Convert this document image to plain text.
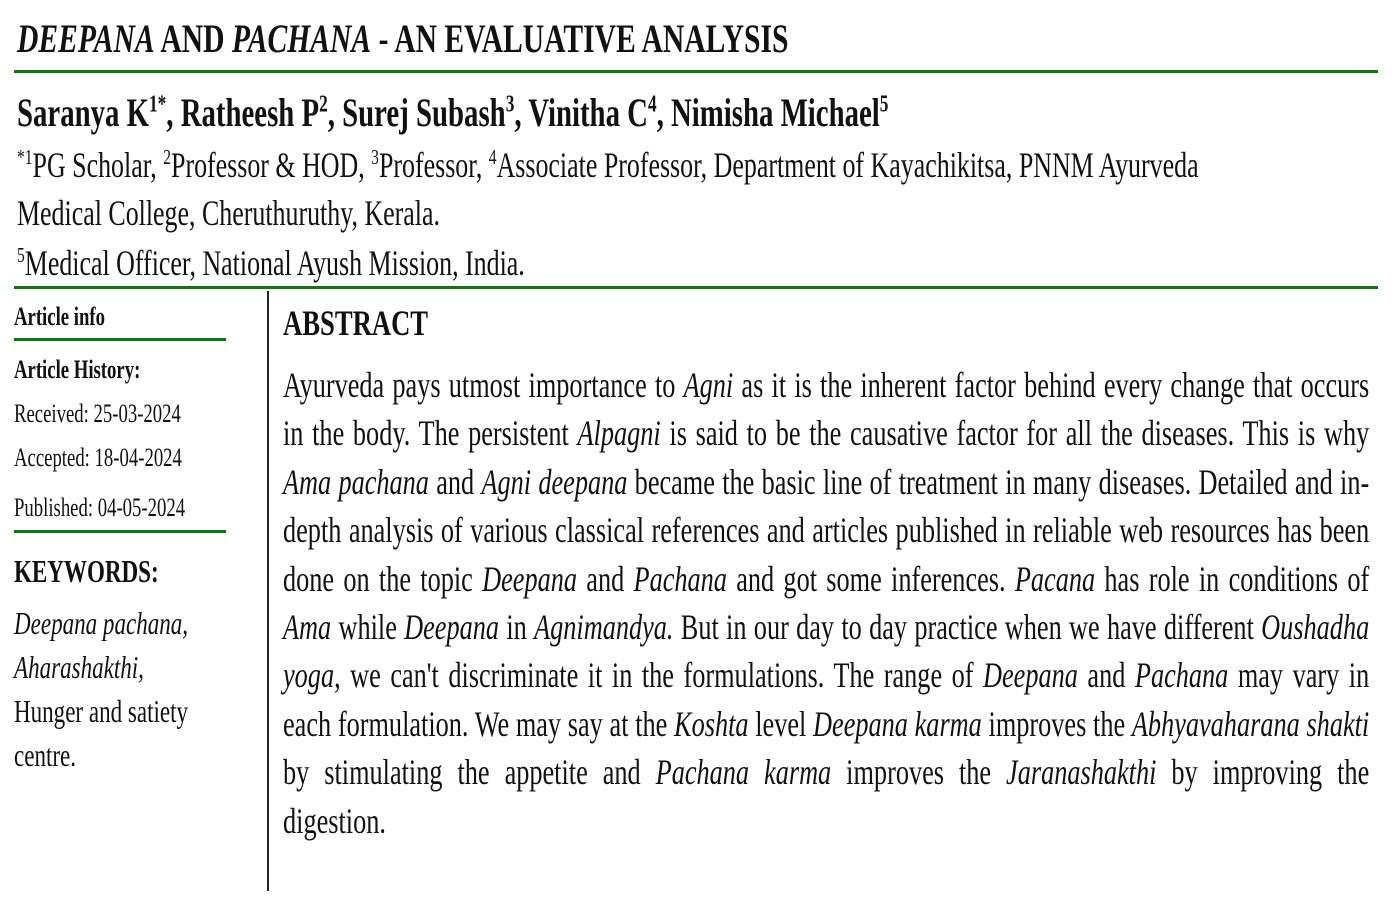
DEEPANA AND PACHANA - AN EVALUATIVE ANALYSIS
Saranya $K^{1*}$, Ratheesh $P^2$, Surej Subash$^3$, Vinitha $C^4$, Nimisha Michael$^5$
$^{*1}$PG Scholar, $^2$Professor & HOD, $^3$Professor, $^4$Associate Professor, Department of Kayachikitsa, PNNM Ayurveda
Medical College, Cheruthuruthy, Kerala.
$^5$Medical Officer, National Ayush Mission, India.
Article info
Article History:
Received: 25-03-2024
Accepted: 18-04-2024
Published: 04-05-2024
KEYWORDS:
Deepana pachana,
Aharashakthi,
Hunger and satiety
centre.
ABSTRACT
Ayurveda pays utmost importance to Agni as it is the inherent factor behind every change that occurs in the body. The persistent Alpagni is said to be the causative factor for all the diseases. This is why Ama pachana and Agni deepana became the basic line of treatment in many diseases. Detailed and in-depth analysis of various classical references and articles published in reliable web resources has been done on the topic Deepana and Pachana and got some inferences. Pacana has role in conditions of Ama while Deepana in Agnimandya. But in our day to day practice when we have different Oushadha yoga, we can't discriminate it in the formulations. The range of Deepana and Pachana may vary in each formulation. We may say at the Koshta level Deepana karma improves the Abhyavaharana shakti by stimulating the appetite and Pachana karma improves the Jaranashakthi by improving the digestion.
